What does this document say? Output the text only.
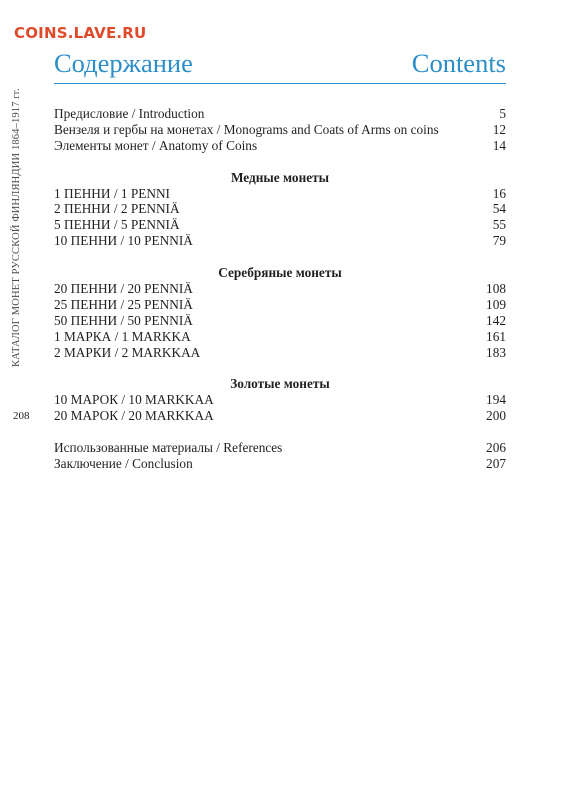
COINS.LAVE.RU
КАТАЛОГ МОНЕТ РУССКОЙ ФИНЛЯНДИИ 1864–1917 гг.
208
Содержание	Contents
Предисловие / Introduction	5
Вензеля и гербы на монетах / Monograms and Coats of Arms on coins	12
Элементы монет / Anatomy of Coins	14
Медные монеты
1 ПЕННИ / 1 PENNI	16
2 ПЕННИ / 2 PENNIÄ	54
5 ПЕННИ / 5 PENNIÄ	55
10 ПЕННИ / 10 PENNIÄ	79
Серебряные монеты
20 ПЕННИ / 20 PENNIÄ	108
25 ПЕННИ / 25 PENNIÄ	109
50 ПЕННИ / 50 PENNIÄ	142
1 МАРКА / 1 MARKKA	161
2 МАРКИ / 2 MARKKAA	183
Золотые монеты
10 МАРОК / 10 MARKKAA	194
20 МАРОК / 20 MARKKAA	200
Использованные материалы / References	206
Заключение / Conclusion	207
